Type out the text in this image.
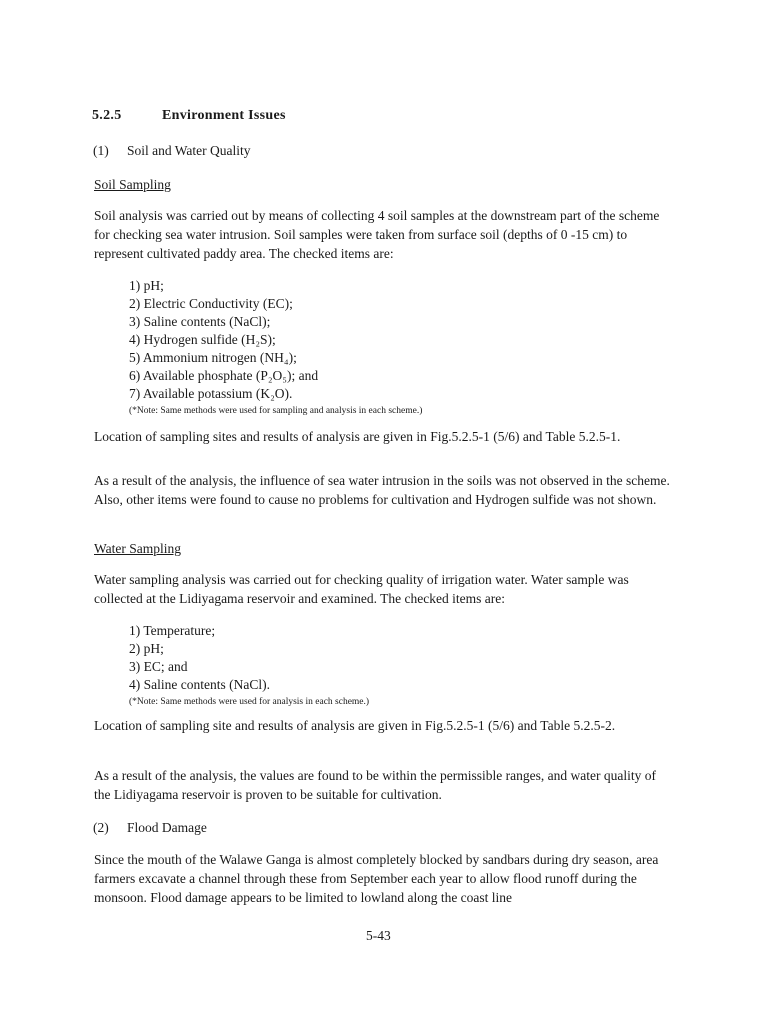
5.2.5	Environment Issues
(1) Soil and Water Quality
Soil Sampling

Soil analysis was carried out by means of collecting 4 soil samples at the downstream part of the scheme for checking sea water intrusion. Soil samples were taken from surface soil (depths of 0 -15 cm) to represent cultivated paddy area. The checked items are:

1) pH;
2) Electric Conductivity (EC);
3) Saline contents (NaCl);
4) Hydrogen sulfide (H₂S);
5) Ammonium nitrogen (NH₄);
6) Available phosphate (P₂O₅); and
7) Available potassium (K₂O).
(*Note: Same methods were used for sampling and analysis in each scheme.)

Location of sampling sites and results of analysis are given in Fig.5.2.5-1 (5/6) and Table 5.2.5-1.

As a result of the analysis, the influence of sea water intrusion in the soils was not observed in the scheme. Also, other items were found to cause no problems for cultivation and Hydrogen sulfide was not shown.

Water Sampling

Water sampling analysis was carried out for checking quality of irrigation water. Water sample was collected at the Lidiyagama reservoir and examined. The checked items are:

1) Temperature;
2) pH;
3) EC; and
4) Saline contents (NaCl).
(*Note: Same methods were used for analysis in each scheme.)

Location of sampling site and results of analysis are given in Fig.5.2.5-1 (5/6) and Table 5.2.5-2.

As a result of the analysis, the values are found to be within the permissible ranges, and water quality of the Lidiyagama reservoir is proven to be suitable for cultivation.

(2) Flood Damage

Since the mouth of the Walawe Ganga is almost completely blocked by sandbars during dry season, area farmers excavate a channel through these from September each year to allow flood runoff during the monsoon. Flood damage appears to be limited to lowland along the coast line

5-43
